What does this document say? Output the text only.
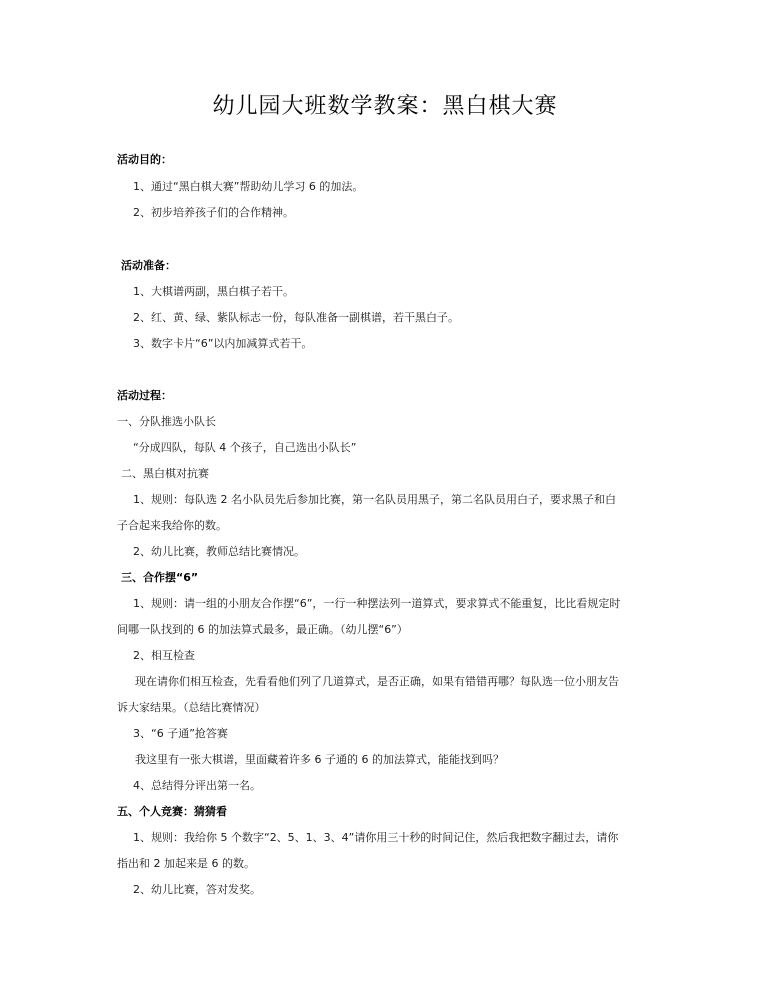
幼儿园大班数学教案：黑白棋大赛
活动目的：
1、通过“黑白棋大赛”帮助幼儿学习 6 的加法。
2、初步培养孩子们的合作精神。
活动准备：
1、大棋谱两副，黑白棋子若干。
2、红、黄、绿、紫队标志一份，每队准备一副棋谱，若干黑白子。
3、数字卡片“6”以内加减算式若干。
活动过程：
一、分队推选小队长
“分成四队，每队 4 个孩子，自己选出小队长”
二、黑白棋对抗赛
1、规则：每队选 2 名小队员先后参加比赛，第一名队员用黑子，第二名队员用白子，要求黑子和白
子合起来我给你的数。
2、幼儿比赛，教师总结比赛情况。
三、合作摆“6”
1、规则：请一组的小朋友合作摆“6”，一行一种摆法列一道算式，要求算式不能重复，比比看规定时
间哪一队找到的 6 的加法算式最多，最正确。（幼儿摆“6”）
2、相互检查
现在请你们相互检查，先看看他们列了几道算式，是否正确，如果有错错再哪？每队选一位小朋友告
诉大家结果。（总结比赛情况）
3、“6 子通”抢答赛
我这里有一张大棋谱，里面藏着许多 6 子通的 6 的加法算式，能能找到吗？
4、总结得分评出第一名。
五、个人竞赛：猜猜看
1、规则：我给你 5 个数字“2、5、1、3、4”请你用三十秒的时间记住，然后我把数字翻过去，请你
指出和 2 加起来是 6 的数。
2、幼儿比赛，答对发奖。
